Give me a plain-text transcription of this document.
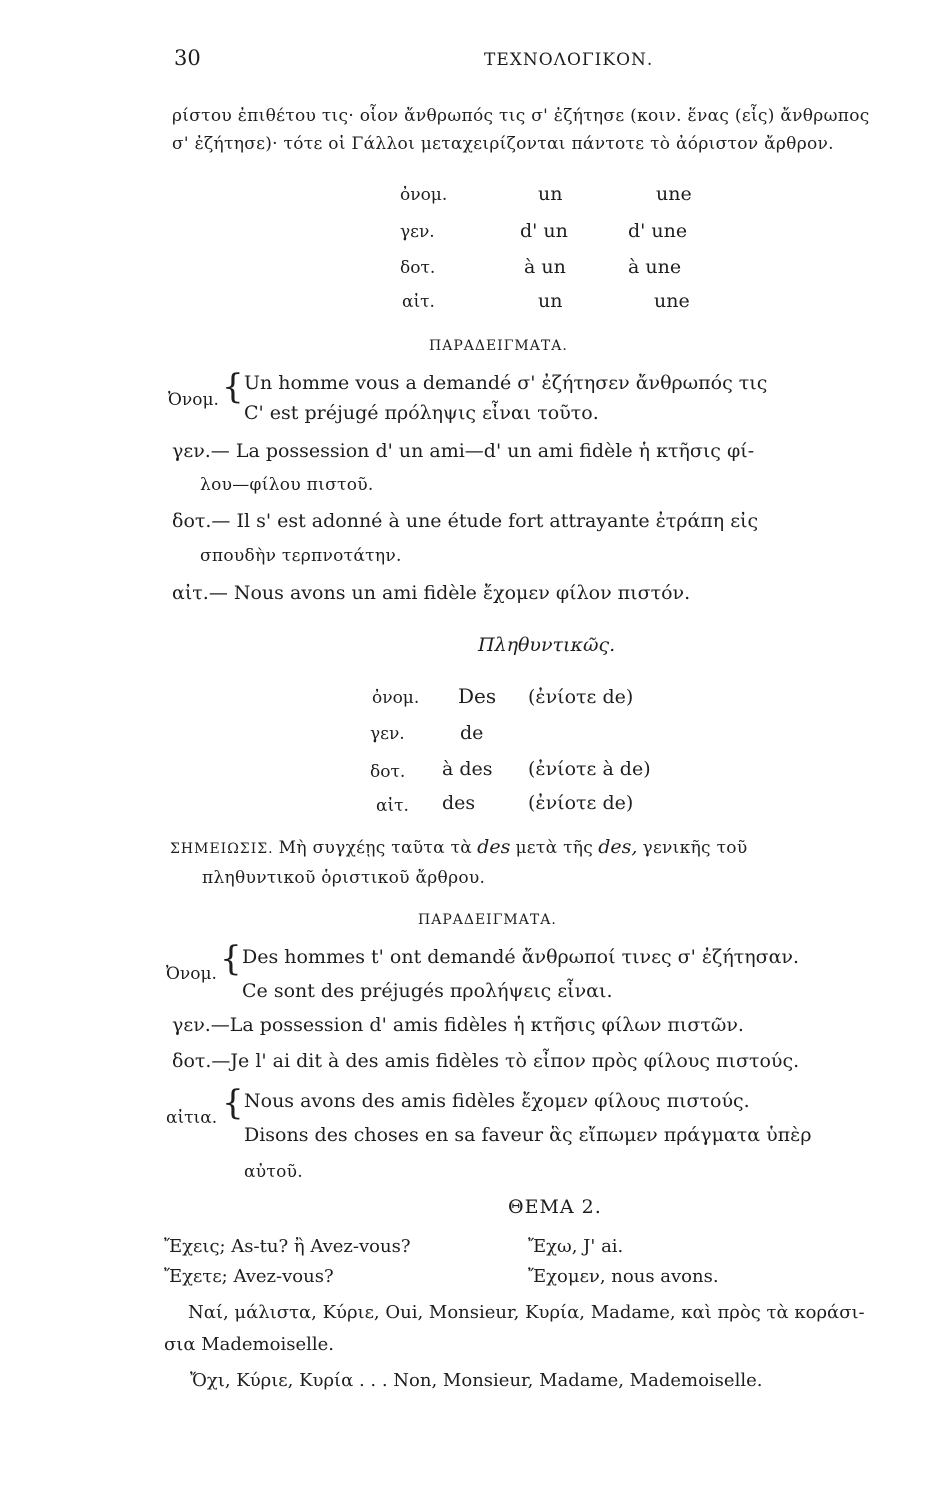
30	ΤΕΧΝΟΛΟΓΙΚΟΝ.
ρίστου ἐπιθέτου τις· οἷον ἄνθρωπός τις σ' ἐζήτησε (κοιν. ἕνας (εἷς) ἄνθρωπος
σ' ἐζήτησε)· τότε οἱ Γάλλοι μεταχειρίζονται πάντοτε τὸ ἀόριστον ἄρθρον.
ὀνομ.	un	une
γεν.	d' un	d' une
δοτ.	à un	à une
αἰτ.	un	une
ΠΑΡΑΔΕΙΓΜΑΤΑ.
Ὀνομ. { Un homme vous a demandé σ' ἐζήτησεν ἄνθρωπός τις
C' est préjugé πρόληψις εἶναι τοῦτο.
γεν.— La possession d' un ami—d' un ami fidèle ἡ κτῆσις φί-
λου—φίλου πιστοῦ.
δοτ.— Il s' est adonné à une étude fort attrayante ἐτράπη εἰς
σπουδὴν τερπνοτάτην.
αἰτ.— Nous avons un ami fidèle ἔχομεν φίλον πιστόν.
Πληθυντικῶς.
ὀνομ. Des (ἐνίοτε de)
γεν.	de
δοτ. à des (ἐνίοτε à de)
αἰτ. des	(ἐνίοτε de)
ΣΗΜΕΙΩΣΙΣ. Μὴ συγχέῃς ταῦτα τὰ des μετὰ τῆς des, γενικῆς τοῦ
πληθυντικοῦ ὁριστικοῦ ἄρθρου.
ΠΑΡΑΔΕΙΓΜΑΤΑ.
Ὀνομ. { Des hommes t' ont demandé ἄνθρωποί τινες σ' ἐζήτησαν.
Ce sont des préjugés προλήψεις εἶναι.
γεν.—La possession d' amis fidèles ἡ κτῆσις φίλων πιστῶν.
δοτ.—Je l' ai dit à des amis fidèles τὸ εἶπον πρὸς φίλους πιστούς.
αἰτια. { Nous avons des amis fidèles ἔχομεν φίλους πιστούς.
Disons des choses en sa faveur ἃς εἴπωμεν πράγματα ὑπὲρ
αὐτοῦ.
ΘΕΜΑ 2.
Ἔχεις; As-tu? ἢ Avez-vous?	Ἔχω, J' ai.
Ἔχετε; Avez-vous?	Ἔχομεν, nous avons.
Ναί, μάλιστα, Κύριε, Oui, Monsieur, Κυρία, Madame, καὶ πρὸς τὰ κοράσι-
σια Mademoiselle.
Ὄχι, Κύριε, Κυρία . . . Non, Monsieur, Madame, Mademoiselle.
